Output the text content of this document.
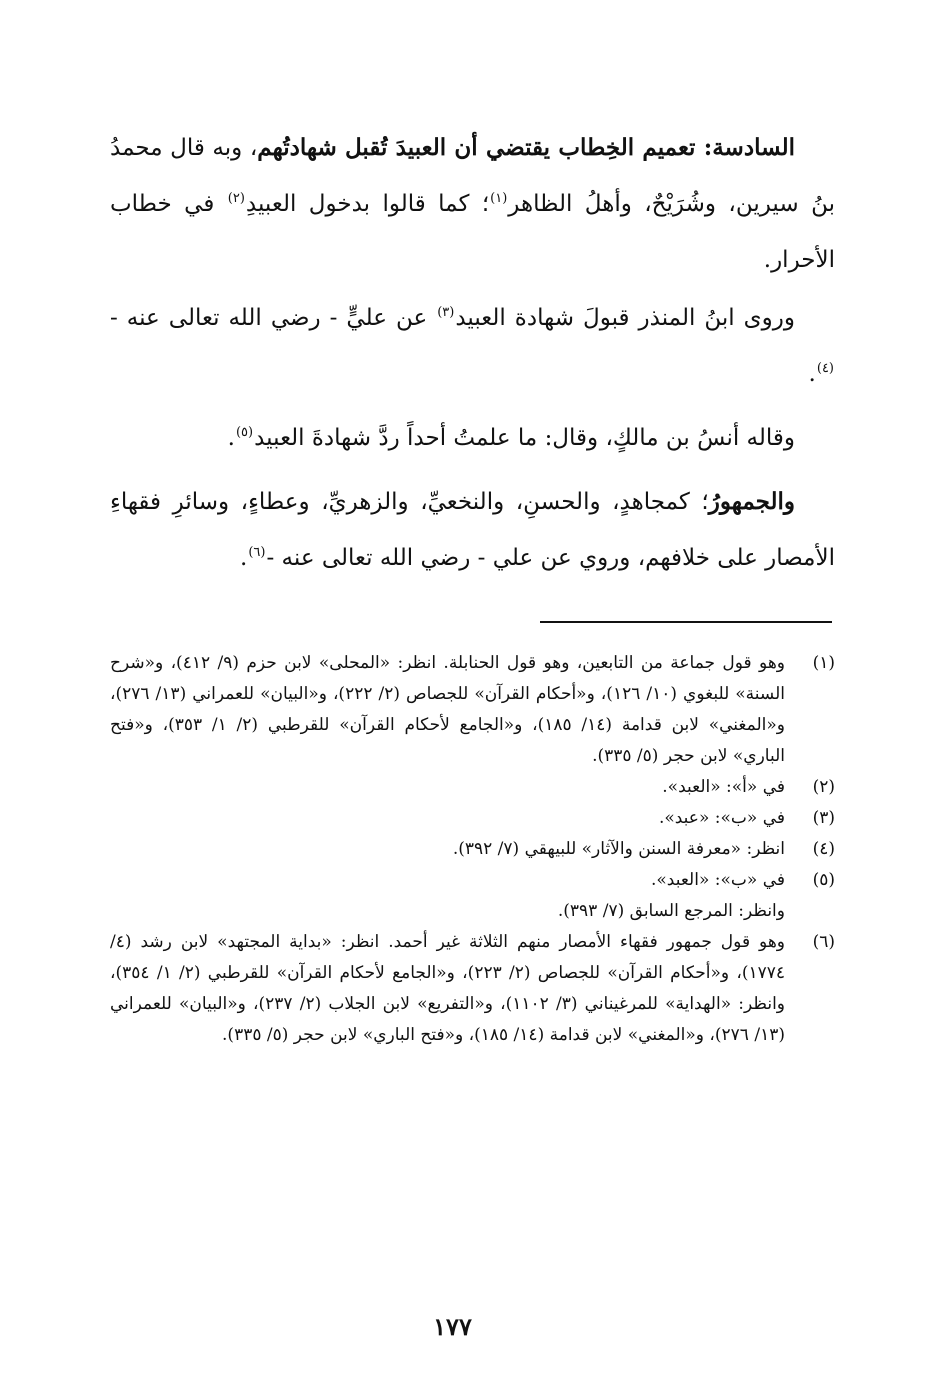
السادسة: تعميم الخِطاب يقتضي أن العبيدَ تُقبل شهادتُهم، وبه قال محمدُ بنُ سيرين، وشُرَيْحٌ، وأهلُ الظاهر$^{(١)}$؛ كما قالوا بدخول العبيدِ$^{(٢)}$ في خطاب الأحرار.

وروى ابنُ المنذر قبولَ شهادة العبيد$^{(٣)}$ عن عليٍّ - رضي الله تعالى عنه -$^{(٤)}$.

وقاله أنسُ بن مالكٍ، وقال: ما علمتُ أحداً ردَّ شهادةَ العبيد$^{(٥)}$.

والجمهورُ؛ كمجاهدٍ، والحسنِ، والنخعيِّ، والزهريِّ، وعطاءٍ، وسائرِ فقهاءِ الأمصار على خلافهم، وروي عن علي - رضي الله تعالى عنه -$^{(٦)}$.

(١)
وهو قول جماعة من التابعين، وهو قول الحنابلة. انظر: «المحلى» لابن حزم (٩/ ٤١٢)، و«شرح السنة» للبغوي (١٠/ ١٢٦)، و«أحكام القرآن» للجصاص (٢/ ٢٢٢)، و«البيان» للعمراني (١٣/ ٢٧٦)، و«المغني» لابن قدامة (١٤/ ١٨٥)، و«الجامع لأحكام القرآن» للقرطبي (٢/ ١/ ٣٥٣)، و«فتح الباري» لابن حجر (٥/ ٣٣٥).
(٢)
في «أ»: «العبد».
(٣)
في «ب»: «عبد».
(٤)
انظر: «معرفة السنن والآثار» للبيهقي (٧/ ٣٩٢).
(٥)
في «ب»: «العبد».
وانظر: المرجع السابق (٧/ ٣٩٣).
(٦)
وهو قول جمهور فقهاء الأمصار منهم الثلاثة غير أحمد. انظر: «بداية المجتهد» لابن رشد (٤/ ١٧٧٤)، و«أحكام القرآن» للجصاص (٢/ ٢٢٣)، و«الجامع لأحكام القرآن» للقرطبي (٢/ ١/ ٣٥٤)، وانظر: «الهداية» للمرغيناني (٣/ ١١٠٢)، و«التفريع» لابن الجلاب (٢/ ٢٣٧)، و«البيان» للعمراني (١٣/ ٢٧٦)، و«المغني» لابن قدامة (١٤/ ١٨٥)، و«فتح الباري» لابن حجر (٥/ ٣٣٥).
١٧٧
